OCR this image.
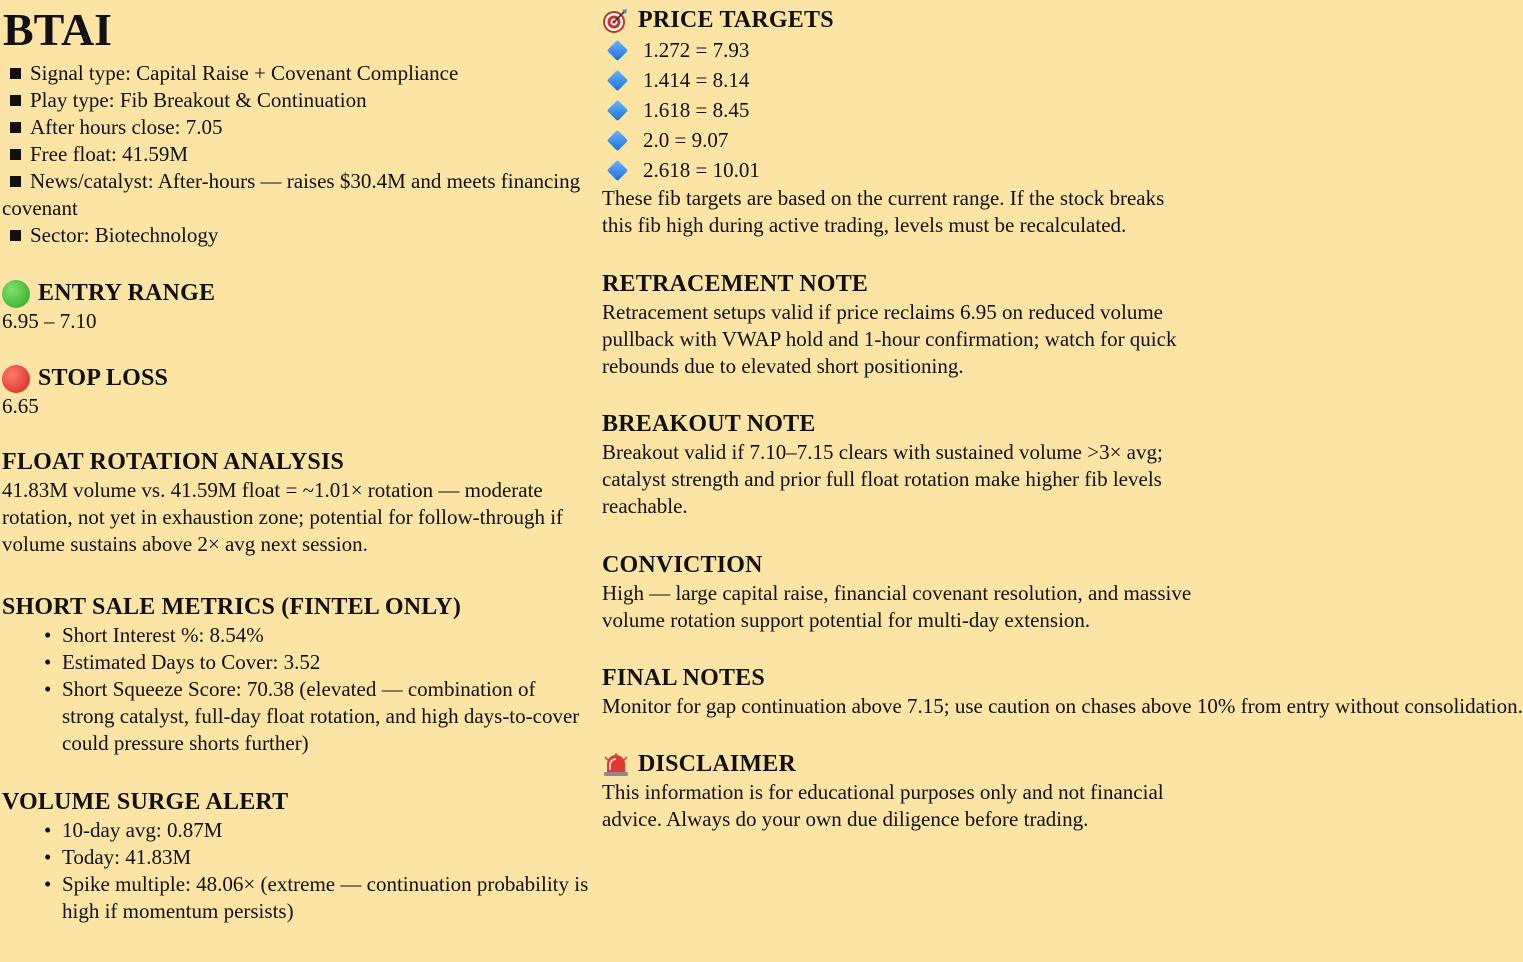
BTAI
Signal type: Capital Raise + Covenant Compliance
Play type: Fib Breakout & Continuation
After hours close: 7.05
Free float: 41.59M
News/catalyst: After-hours — raises $30.4M and meets financing covenant
Sector: Biotechnology
ENTRY RANGE
6.95 – 7.10
STOP LOSS
6.65
FLOAT ROTATION ANALYSIS
41.83M volume vs. 41.59M float = ~1.01× rotation — moderate rotation, not yet in exhaustion zone; potential for follow-through if volume sustains above 2× avg next session.
SHORT SALE METRICS (FINTEL ONLY)
• Short Interest %: 8.54%
• Estimated Days to Cover: 3.52
• Short Squeeze Score: 70.38 (elevated — combination of strong catalyst, full-day float rotation, and high days-to-cover could pressure shorts further)
VOLUME SURGE ALERT
• 10-day avg: 0.87M
• Today: 41.83M
• Spike multiple: 48.06× (extreme — continuation probability is high if momentum persists)
PRICE TARGETS
1.272 = 7.93
1.414 = 8.14
1.618 = 8.45
2.0 = 9.07
2.618 = 10.01
These fib targets are based on the current range. If the stock breaks this fib high during active trading, levels must be recalculated.
RETRACEMENT NOTE
Retracement setups valid if price reclaims 6.95 on reduced volume pullback with VWAP hold and 1-hour confirmation; watch for quick rebounds due to elevated short positioning.
BREAKOUT NOTE
Breakout valid if 7.10–7.15 clears with sustained volume >3× avg; catalyst strength and prior full float rotation make higher fib levels reachable.
CONVICTION
High — large capital raise, financial covenant resolution, and massive volume rotation support potential for multi-day extension.
FINAL NOTES
Monitor for gap continuation above 7.15; use caution on chases above 10% from entry without consolidation.
DISCLAIMER
This information is for educational purposes only and not financial advice. Always do your own due diligence before trading.
